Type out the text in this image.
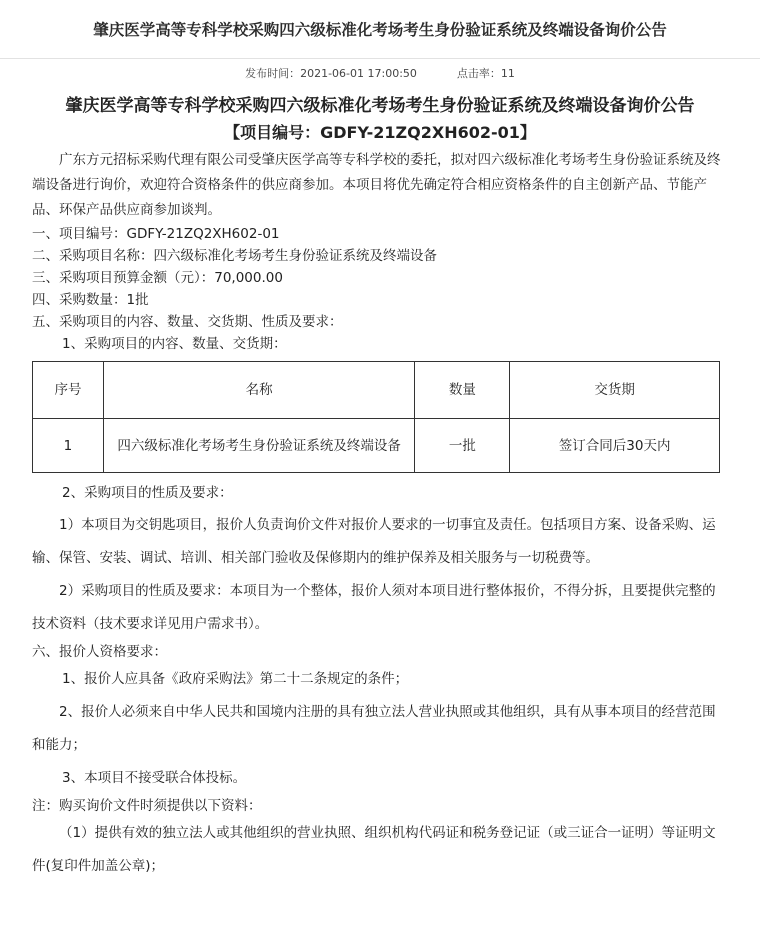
肇庆医学高等专科学校采购四六级标准化考场考生身份验证系统及终端设备询价公告
发布时间：2021-06-01 17:00:50	点击率：11
肇庆医学高等专科学校采购四六级标准化考场考生身份验证系统及终端设备询价公告
【项目编号：GDFY-21ZQ2XH602-01】
广东方元招标采购代理有限公司受肇庆医学高等专科学校的委托，拟对四六级标准化考场考生身份验证系统及终端设备进行询价，欢迎符合资格条件的供应商参加。本项目将优先确定符合相应资格条件的自主创新产品、节能产品、环保产品供应商参加谈判。
一、项目编号：GDFY-21ZQ2XH602-01
二、采购项目名称：四六级标准化考场考生身份验证系统及终端设备
三、采购项目预算金额（元）：70,000.00
四、采购数量：1批
五、采购项目的内容、数量、交货期、性质及要求：
1、采购项目的内容、数量、交货期：
序号	名称	数量	交货期
1	四六级标准化考场考生身份验证系统及终端设备	一批	签订合同后30天内
2、采购项目的性质及要求：
1）本项目为交钥匙项目，报价人负责询价文件对报价人要求的一切事宜及责任。包括项目方案、设备采购、运输、保管、安装、调试、培训、相关部门验收及保修期内的维护保养及相关服务与一切税费等。
2）采购项目的性质及要求：本项目为一个整体，报价人须对本项目进行整体报价，不得分拆，且要提供完整的技术资料（技术要求详见用户需求书）。
六、报价人资格要求：
1、报价人应具备《政府采购法》第二十二条规定的条件；
2、报价人必须来自中华人民共和国境内注册的具有独立法人营业执照或其他组织，具有从事本项目的经营范围和能力；
3、本项目不接受联合体投标。
注：购买询价文件时须提供以下资料：
（1）提供有效的独立法人或其他组织的营业执照、组织机构代码证和税务登记证（或三证合一证明）等证明文件(复印件加盖公章)；
